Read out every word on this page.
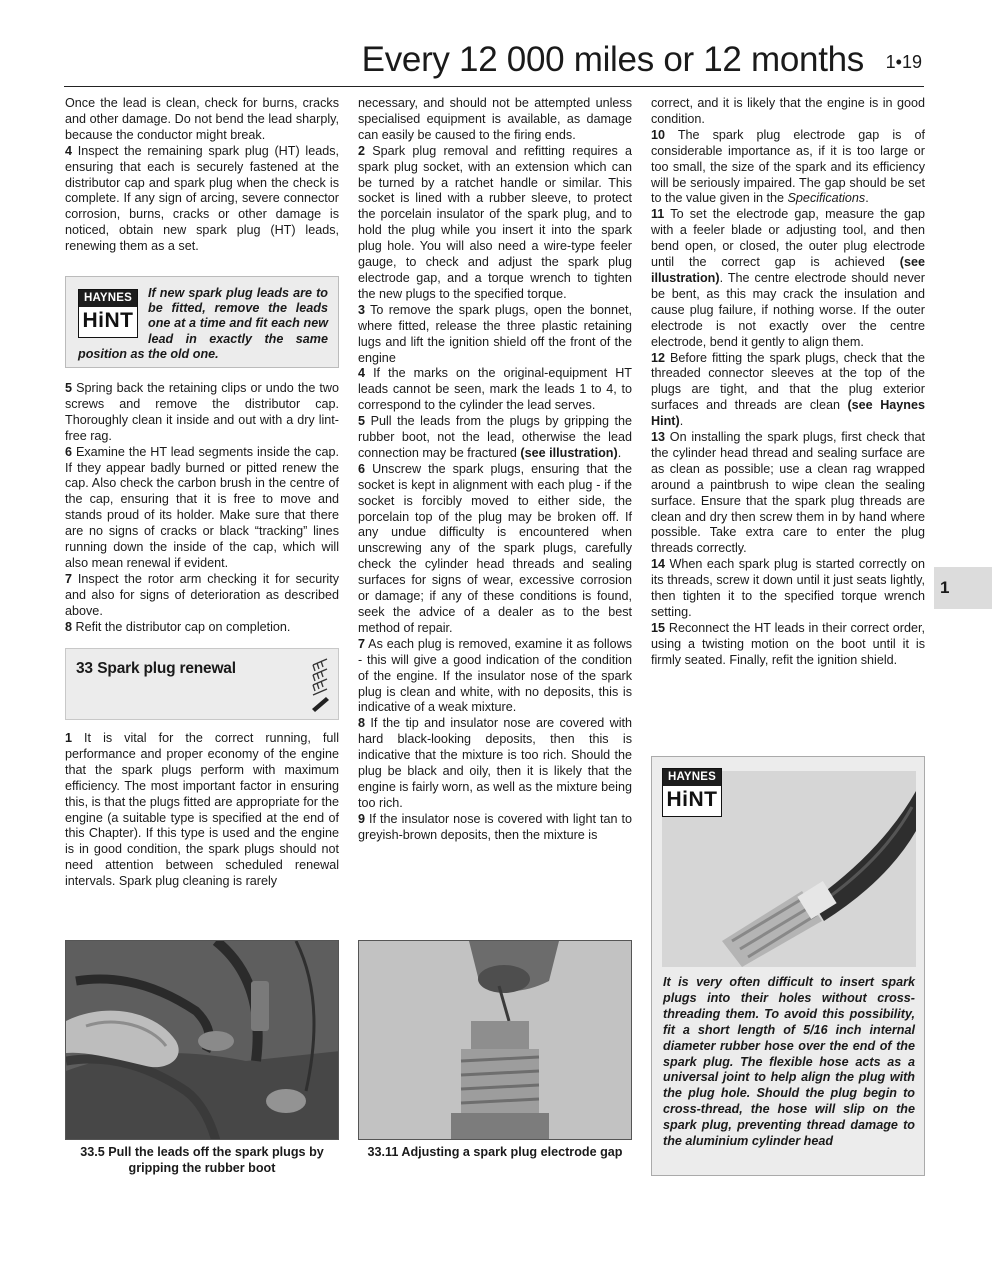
Every 12 000 miles or 12 months 1•19

Once the lead is clean, check for burns, cracks and other damage. Do not bend the lead sharply, because the conductor might break.

4 Inspect the remaining spark plug (HT) leads, ensuring that each is securely fastened at the distributor cap and spark plug when the check is complete. If any sign of arcing, severe connector corrosion, burns, cracks or other damage is noticed, obtain new spark plug (HT) leads, renewing them as a set.

HAYNES
HiNT
If new spark plug leads are to be fitted, remove the leads one at a time and fit each new lead in exactly the same position as the old one.

5 Spring back the retaining clips or undo the two screws and remove the distributor cap. Thoroughly clean it inside and out with a dry lint-free rag.

6 Examine the HT lead segments inside the cap. If they appear badly burned or pitted renew the cap. Also check the carbon brush in the centre of the cap, ensuring that it is free to move and stands proud of its holder. Make sure that there are no signs of cracks or black “tracking” lines running down the inside of the cap, which will also mean renewal if evident.

7 Inspect the rotor arm checking it for security and also for signs of deterioration as described above.

8 Refit the distributor cap on completion.

33 Spark plug renewal

1 It is vital for the correct running, full performance and proper economy of the engine that the spark plugs perform with maximum efficiency. The most important factor in ensuring this, is that the plugs fitted are appropriate for the engine (a suitable type is specified at the end of this Chapter). If this type is used and the engine is in good condition, the spark plugs should not need attention between scheduled renewal intervals. Spark plug cleaning is rarely

necessary, and should not be attempted unless specialised equipment is available, as damage can easily be caused to the firing ends.

2 Spark plug removal and refitting requires a spark plug socket, with an extension which can be turned by a ratchet handle or similar. This socket is lined with a rubber sleeve, to protect the porcelain insulator of the spark plug, and to hold the plug while you insert it into the spark plug hole. You will also need a wire-type feeler gauge, to check and adjust the spark plug electrode gap, and a torque wrench to tighten the new plugs to the specified torque.

3 To remove the spark plugs, open the bonnet, where fitted, release the three plastic retaining lugs and lift the ignition shield off the front of the engine

4 If the marks on the original-equipment HT leads cannot be seen, mark the leads 1 to 4, to correspond to the cylinder the lead serves.

5 Pull the leads from the plugs by gripping the rubber boot, not the lead, otherwise the lead connection may be fractured (see illustration).

6 Unscrew the spark plugs, ensuring that the socket is kept in alignment with each plug - if the socket is forcibly moved to either side, the porcelain top of the plug may be broken off. If any undue difficulty is encountered when unscrewing any of the spark plugs, carefully check the cylinder head threads and sealing surfaces for signs of wear, excessive corrosion or damage; if any of these conditions is found, seek the advice of a dealer as to the best method of repair.

7 As each plug is removed, examine it as follows - this will give a good indication of the condition of the engine. If the insulator nose of the spark plug is clean and white, with no deposits, this is indicative of a weak mixture.

8 If the tip and insulator nose are covered with hard black-looking deposits, then this is indicative that the mixture is too rich. Should the plug be black and oily, then it is likely that the engine is fairly worn, as well as the mixture being too rich.

9 If the insulator nose is covered with light tan to greyish-brown deposits, then the mixture is

correct, and it is likely that the engine is in good condition.

10 The spark plug electrode gap is of considerable importance as, if it is too large or too small, the size of the spark and its efficiency will be seriously impaired. The gap should be set to the value given in the Specifications.

11 To set the electrode gap, measure the gap with a feeler blade or adjusting tool, and then bend open, or closed, the outer plug electrode until the correct gap is achieved (see illustration). The centre electrode should never be bent, as this may crack the insulation and cause plug failure, if nothing worse. If the outer electrode is not exactly over the centre electrode, bend it gently to align them.

12 Before fitting the spark plugs, check that the threaded connector sleeves at the top of the plugs are tight, and that the plug exterior surfaces and threads are clean (see Haynes Hint).

13 On installing the spark plugs, first check that the cylinder head thread and sealing surface are as clean as possible; use a clean rag wrapped around a paintbrush to wipe clean the sealing surface. Ensure that the spark plug threads are clean and dry then screw them in by hand where possible. Take extra care to enter the plug threads correctly.

14 When each spark plug is started correctly on its threads, screw it down until it just seats lightly, then tighten it to the specified torque wrench setting.

15 Reconnect the HT leads in their correct order, using a twisting motion on the boot until it is firmly seated. Finally, refit the ignition shield.

1
33.5 Pull the leads off the spark plugs by gripping the rubber boot
33.11 Adjusting a spark plug electrode gap
HAYNES
HiNT
It is very often difficult to insert spark plugs into their holes without cross-threading them. To avoid this possibility, fit a short length of 5/16 inch internal diameter rubber hose over the end of the spark plug. The flexible hose acts as a universal joint to help align the plug with the plug hole. Should the plug begin to cross-thread, the hose will slip on the spark plug, preventing thread damage to the aluminium cylinder head
